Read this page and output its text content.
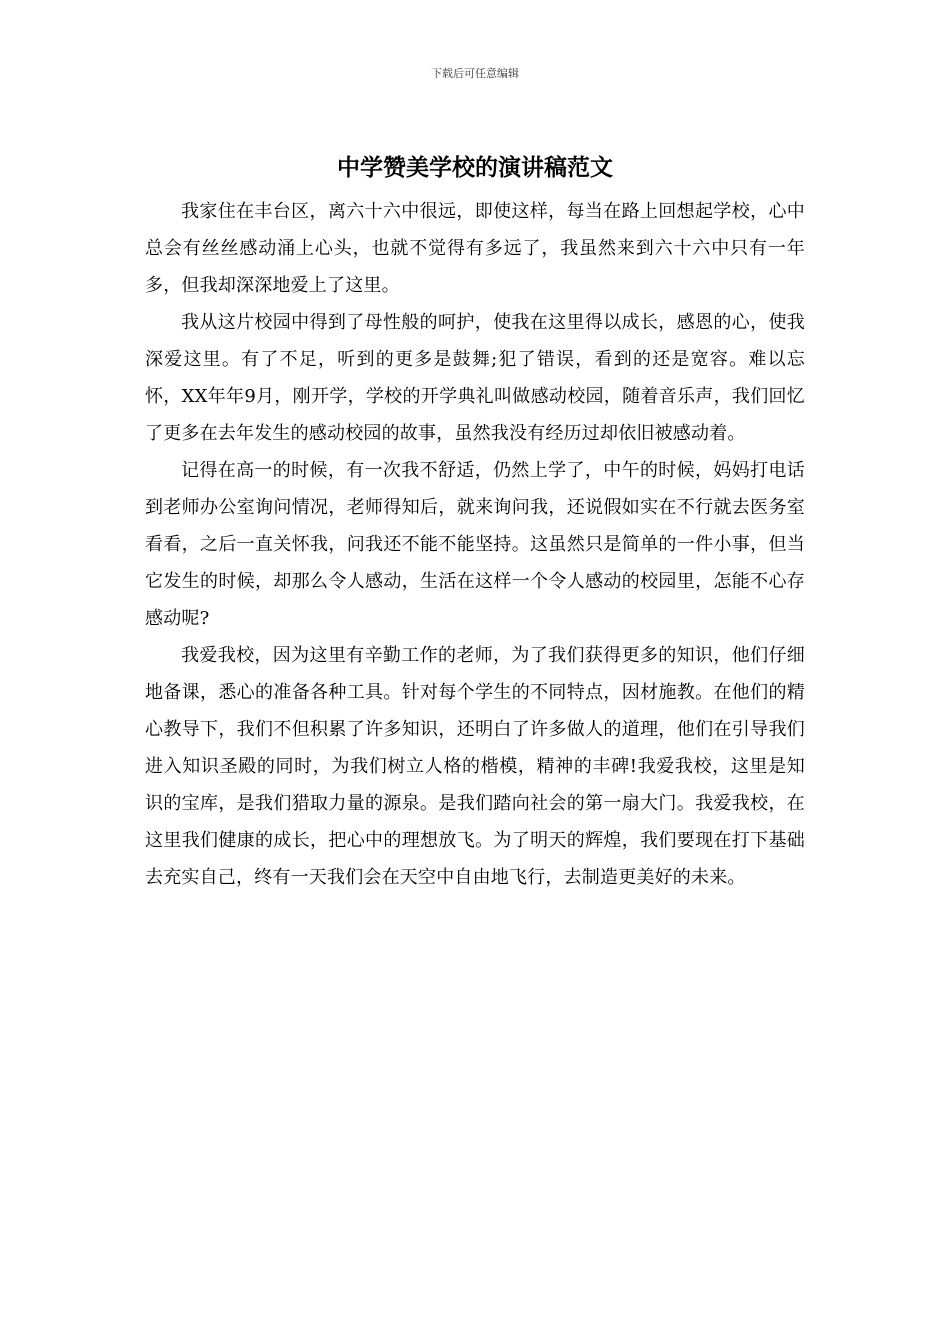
下载后可任意编辑
中学赞美学校的演讲稿范文

我家住在丰台区，离六十六中很远，即使这样，每当在路上回想起学校，心中总会有丝丝感动涌上心头，也就不觉得有多远了，我虽然来到六十六中只有一年多，但我却深深地爱上了这里。

我从这片校园中得到了母性般的呵护，使我在这里得以成长，感恩的心，使我深爱这里。有了不足，听到的更多是鼓舞;犯了错误，看到的还是宽容。难以忘怀，XX年年9月，刚开学，学校的开学典礼叫做感动校园，随着音乐声，我们回忆了更多在去年发生的感动校园的故事，虽然我没有经历过却依旧被感动着。

记得在高一的时候，有一次我不舒适，仍然上学了，中午的时候，妈妈打电话到老师办公室询问情况，老师得知后，就来询问我，还说假如实在不行就去医务室看看，之后一直关怀我，问我还不能不能坚持。这虽然只是简单的一件小事，但当它发生的时候，却那么令人感动，生活在这样一个令人感动的校园里，怎能不心存感动呢?

我爱我校，因为这里有辛勤工作的老师，为了我们获得更多的知识，他们仔细地备课，悉心的准备各种工具。针对每个学生的不同特点，因材施教。在他们的精心教导下，我们不但积累了许多知识，还明白了许多做人的道理，他们在引导我们进入知识圣殿的同时，为我们树立人格的楷模，精神的丰碑!我爱我校，这里是知识的宝库，是我们猎取力量的源泉。是我们踏向社会的第一扇大门。我爱我校，在这里我们健康的成长，把心中的理想放飞。为了明天的辉煌，我们要现在打下基础去充实自己，终有一天我们会在天空中自由地飞行，去制造更美好的未来。
